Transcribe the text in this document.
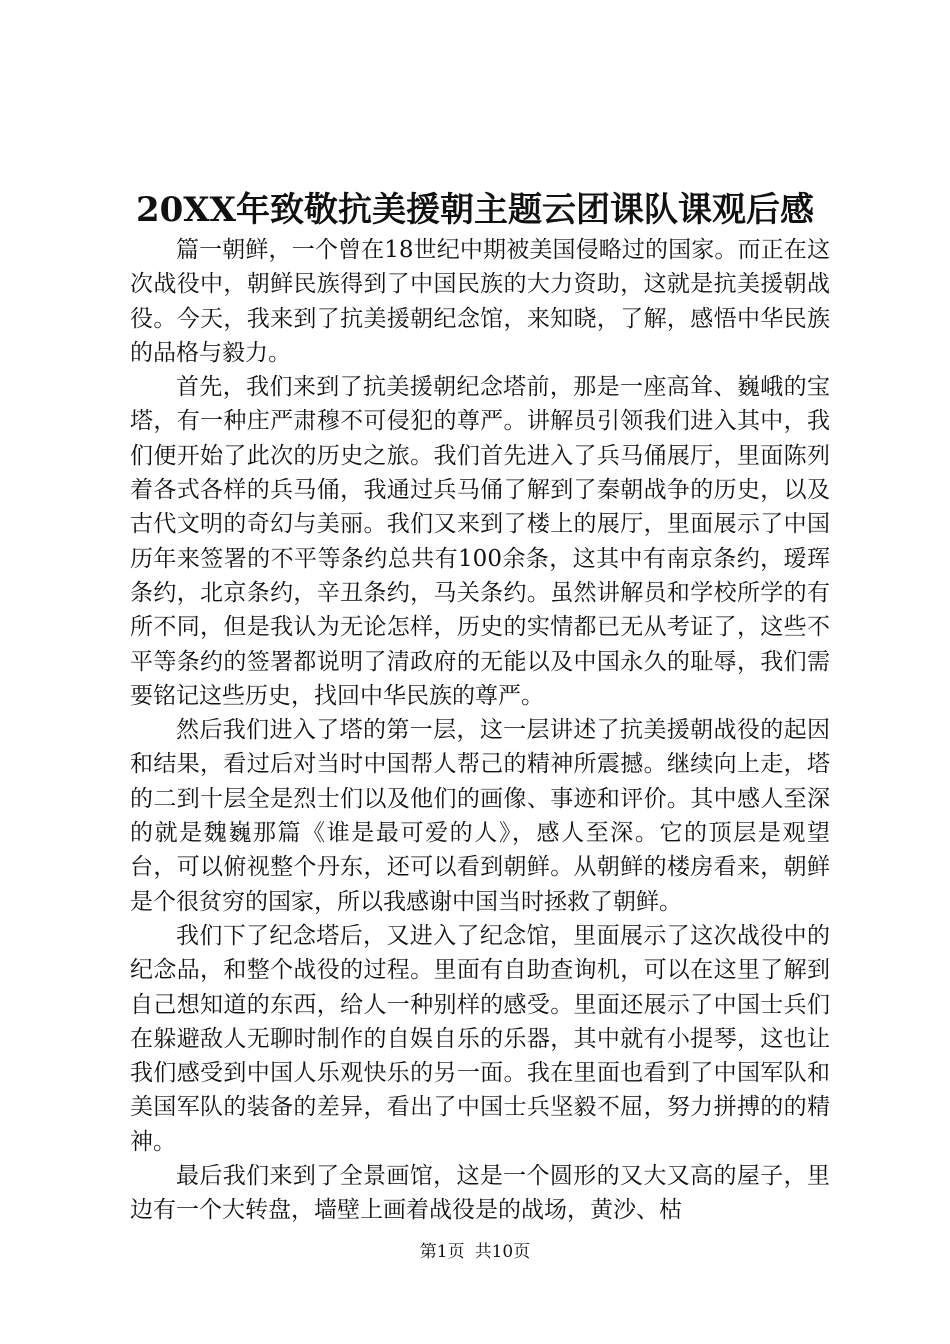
20XX年致敬抗美援朝主题云团课队课观后感

篇一朝鲜，一个曾在18世纪中期被美国侵略过的国家。而正在这次战役中，朝鲜民族得到了中国民族的大力资助，这就是抗美援朝战役。今天，我来到了抗美援朝纪念馆，来知晓，了解，感悟中华民族的品格与毅力。

首先，我们来到了抗美援朝纪念塔前，那是一座高耸、巍峨的宝塔，有一种庄严肃穆不可侵犯的尊严。讲解员引领我们进入其中，我们便开始了此次的历史之旅。我们首先进入了兵马俑展厅，里面陈列着各式各样的兵马俑，我通过兵马俑了解到了秦朝战争的历史，以及古代文明的奇幻与美丽。我们又来到了楼上的展厅，里面展示了中国历年来签署的不平等条约总共有100余条，这其中有南京条约，瑷珲条约，北京条约，辛丑条约，马关条约。虽然讲解员和学校所学的有所不同，但是我认为无论怎样，历史的实情都已无从考证了，这些不平等条约的签署都说明了清政府的无能以及中国永久的耻辱，我们需要铭记这些历史，找回中华民族的尊严。

然后我们进入了塔的第一层，这一层讲述了抗美援朝战役的起因和结果，看过后对当时中国帮人帮己的精神所震撼。继续向上走，塔的二到十层全是烈士们以及他们的画像、事迹和评价。其中感人至深的就是魏巍那篇《谁是最可爱的人》，感人至深。它的顶层是观望台，可以俯视整个丹东，还可以看到朝鲜。从朝鲜的楼房看来，朝鲜是个很贫穷的国家，所以我感谢中国当时拯救了朝鲜。

我们下了纪念塔后，又进入了纪念馆，里面展示了这次战役中的纪念品，和整个战役的过程。里面有自助查询机，可以在这里了解到自己想知道的东西，给人一种别样的感受。里面还展示了中国士兵们在躲避敌人无聊时制作的自娱自乐的乐器，其中就有小提琴，这也让我们感受到中国人乐观快乐的另一面。我在里面也看到了中国军队和美国军队的装备的差异，看出了中国士兵坚毅不屈，努力拼搏的的精神。

最后我们来到了全景画馆，这是一个圆形的又大又高的屋子，里边有一个大转盘，墙壁上画着战役是的战场，黄沙、枯

第1页 共10页
